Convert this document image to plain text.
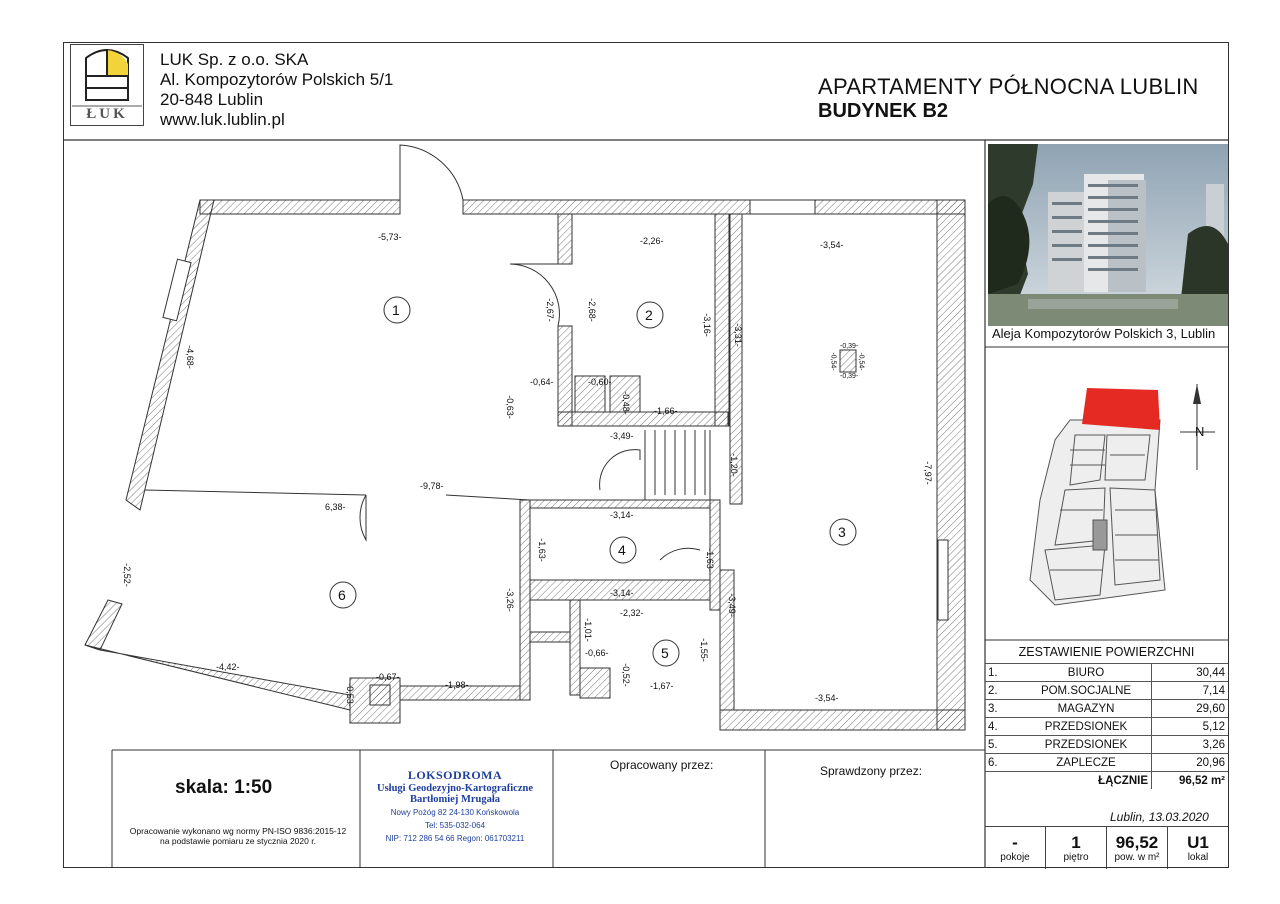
ŁUK
LUK Sp. z o.o. SKA
Al. Kompozytorów Polskich 5/1
20-848 Lublin
www.luk.lublin.pl
APARTAMENTY PÓŁNOCNA LUBLIN
BUDYNEK B2
Aleja Kompozytorów Polskich 3, Lublin
N
1	2
3
4
5
6
-5,73-
-4,68-
-9,78-
-2,26-
-3,16-
-2,68-
-2,67-
-1,66-
-0,64-	-0,60-
-0,63-	-0,48-
-3,49-
-1,20-
-3,54-
-3,31-
-7,97-
-3,54-
-0,39-
-0,54-
-0,39-
-0,54-
-3,14-
-3,14-
-1,63-	-1,63-
-2,32-
-1,55-
-1,67-
-1,01-
-0,66-
-0,52-
-3,26-	-3,49-
6,38-
-2,52-
-4,42-
-1,98-
-0,67-
-0,53-
ZESTAWIENIE POWIERZCHNI
1.	BIURO	30,44
2.	POM.SOCJALNE	7,14
3.	MAGAZYN	29,60
4.	PRZEDSIONEK	5,12
5.	PRZEDSIONEK	3,26
6.	ZAPLECZE	20,96
	ŁĄCZNIE	96,52 m²
Lublin, 13.03.2020
-
pokoje
1
piętro
96,52
pow. w m²
U1
lokal
skala: 1:50
Opracowanie wykonano wg normy PN-ISO 9836:2015-12
na podstawie pomiaru ze stycznia 2020 r.
LOKSODROMA
Usługi Geodezyjno-Kartograficzne
Bartłomiej Mrugała
Nowy Pożóg 82 24-130 Końskowola
Tel: 535-032-064
NIP: 712 286 54 66 Regon: 061703211
Opracowany przez:	Sprawdzony przez:
